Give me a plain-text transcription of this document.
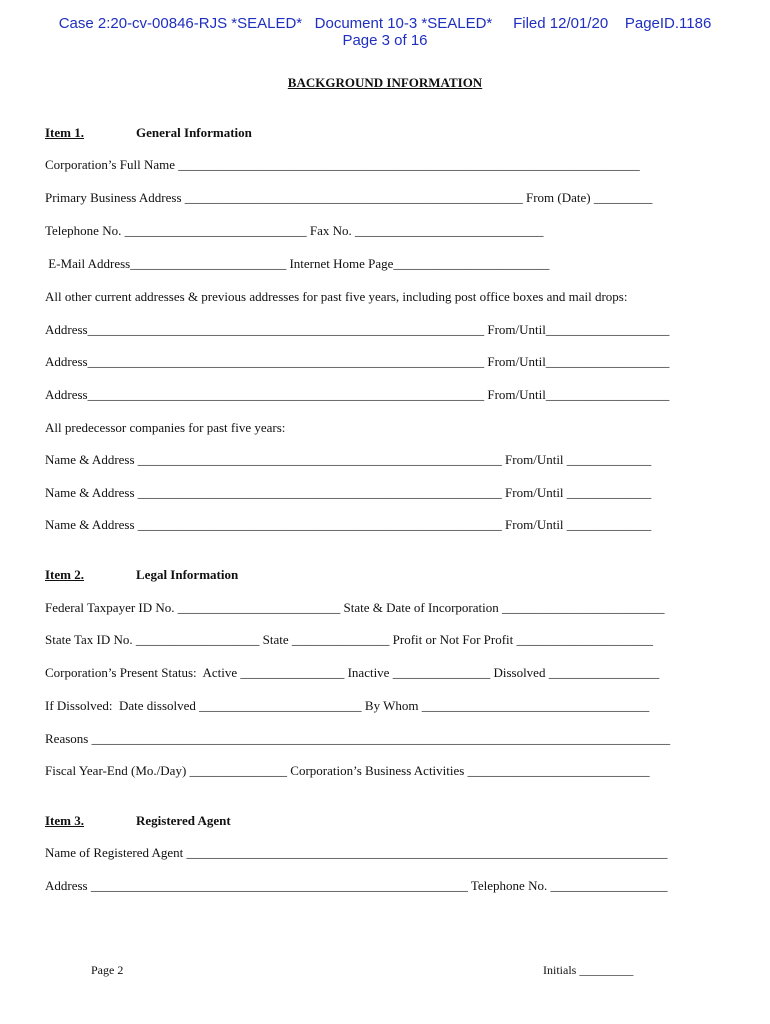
Case 2:20-cv-00846-RJS *SEALED* Document 10-3 *SEALED* Filed 12/01/20 PageID.1186
Page 3 of 16
BACKGROUND INFORMATION
Item 1.	General Information
Corporation’s Full Name _______________________________________________________________________
Primary Business Address ____________________________________________________ From (Date) _________
Telephone No. ____________________________ Fax No. _____________________________
E-Mail Address________________________ Internet Home Page________________________
All other current addresses & previous addresses for past five years, including post office boxes and mail drops:
Address_____________________________________________________________ From/Until___________________
Address_____________________________________________________________ From/Until___________________
Address_____________________________________________________________ From/Until___________________
All predecessor companies for past five years:
Name & Address ________________________________________________________ From/Until _____________
Name & Address ________________________________________________________ From/Until _____________
Name & Address ________________________________________________________ From/Until _____________
Item 2.	Legal Information
Federal Taxpayer ID No. _________________________ State & Date of Incorporation _________________________
State Tax ID No. ___________________ State _______________ Profit or Not For Profit _____________________
Corporation’s Present Status:  Active ________________ Inactive _______________ Dissolved _________________
If Dissolved:  Date dissolved _________________________ By Whom ___________________________________
Reasons _________________________________________________________________________________________
Fiscal Year-End (Mo./Day) _______________ Corporation’s Business Activities ____________________________
Item 3.	Registered Agent
Name of Registered Agent __________________________________________________________________________
Address __________________________________________________________ Telephone No. __________________
Page 2	Initials _________
